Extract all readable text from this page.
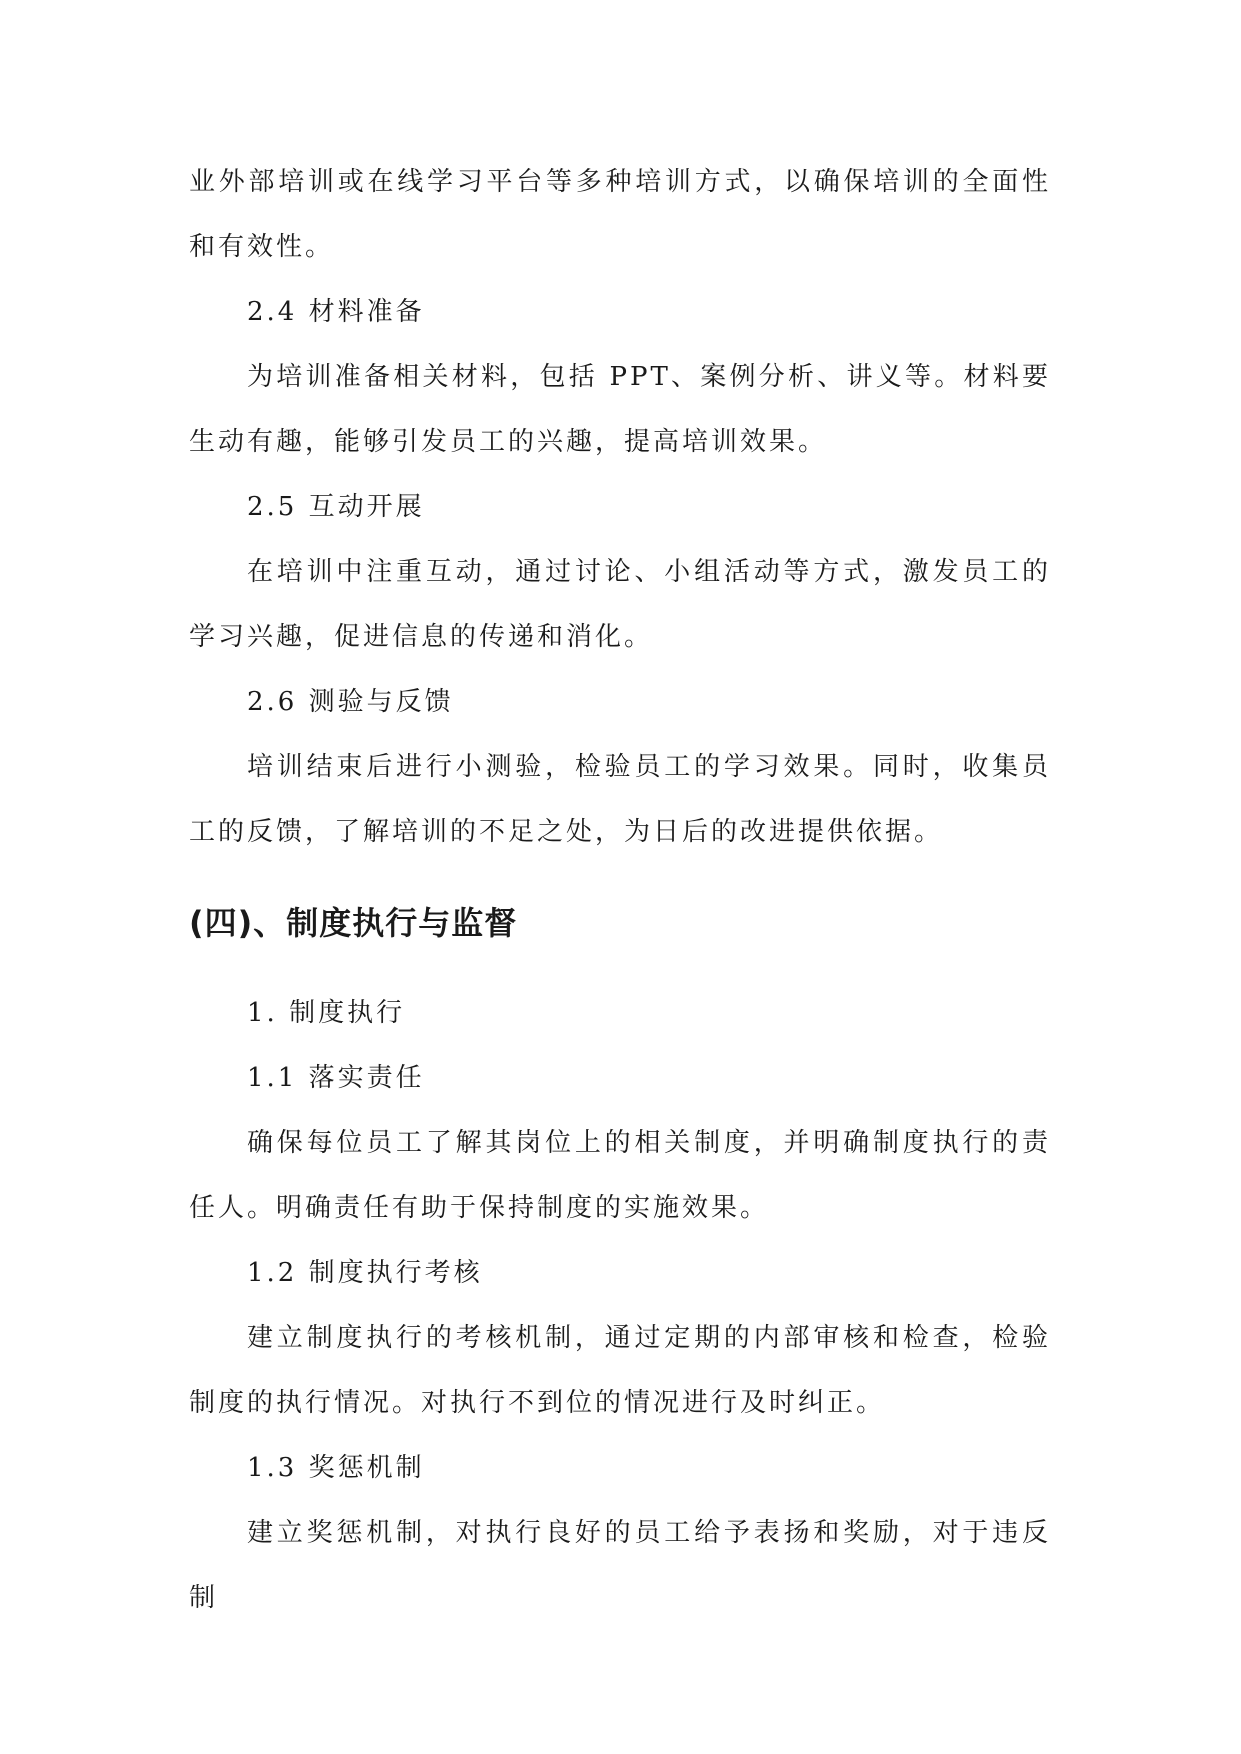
业外部培训或在线学习平台等多种培训方式，以确保培训的全面性和有效性。

2.4 材料准备

为培训准备相关材料，包括 PPT、案例分析、讲义等。材料要生动有趣，能够引发员工的兴趣，提高培训效果。

2.5 互动开展

在培训中注重互动，通过讨论、小组活动等方式，激发员工的学习兴趣，促进信息的传递和消化。

2.6 测验与反馈

培训结束后进行小测验，检验员工的学习效果。同时，收集员工的反馈，了解培训的不足之处，为日后的改进提供依据。

(四)、制度执行与监督

1. 制度执行

1.1 落实责任

确保每位员工了解其岗位上的相关制度，并明确制度执行的责任人。明确责任有助于保持制度的实施效果。

1.2 制度执行考核

建立制度执行的考核机制，通过定期的内部审核和检查，检验制度的执行情况。对执行不到位的情况进行及时纠正。

1.3 奖惩机制

建立奖惩机制，对执行良好的员工给予表扬和奖励，对于违反制
